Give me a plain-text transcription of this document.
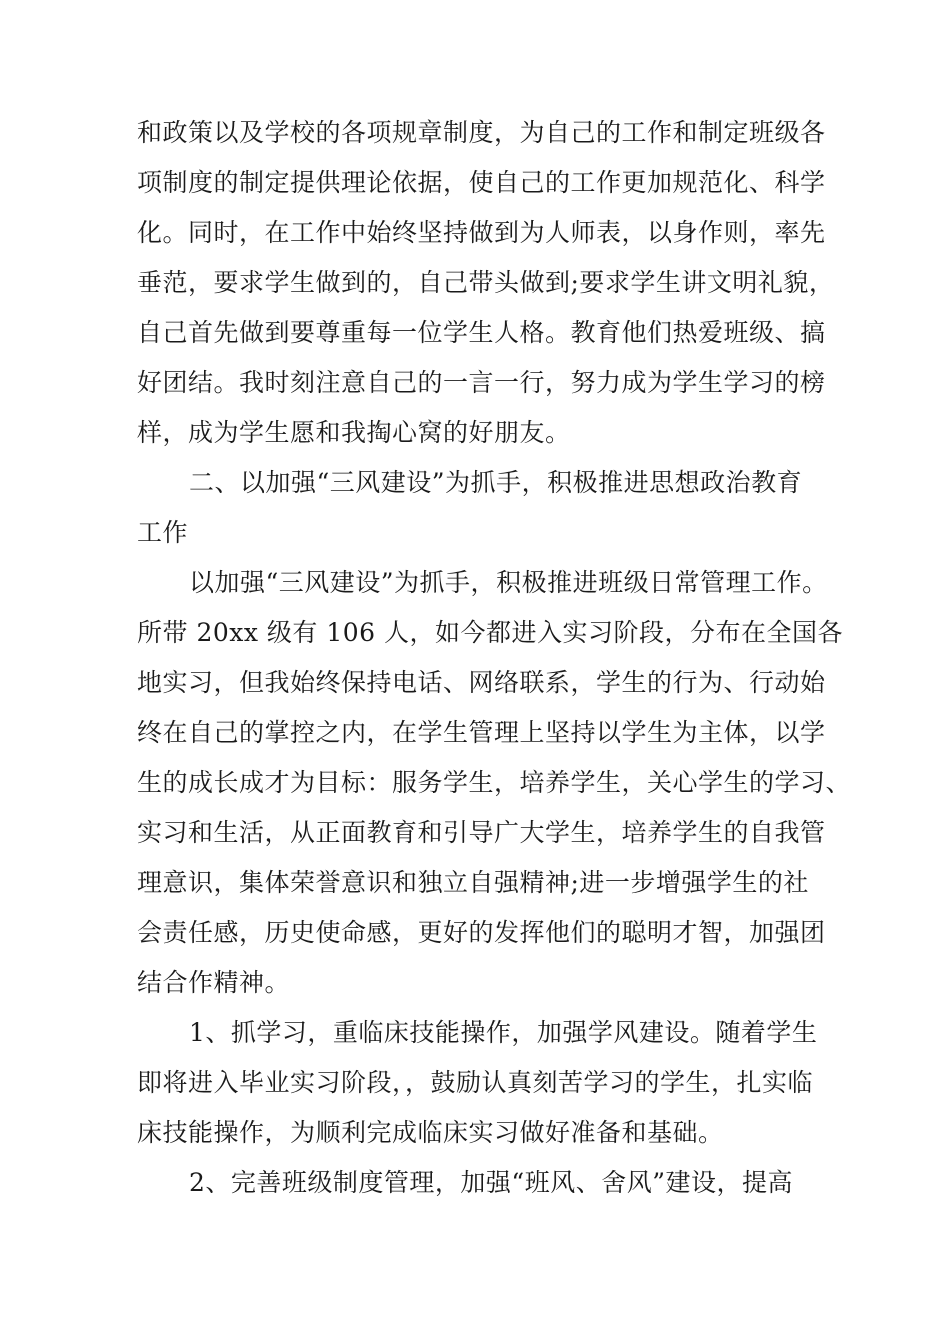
和政策以及学校的各项规章制度，为自己的工作和制定班级各
项制度的制定提供理论依据，使自己的工作更加规范化、科学
化。同时，在工作中始终坚持做到为人师表，以身作则，率先
垂范，要求学生做到的，自己带头做到;要求学生讲文明礼貌，
自己首先做到要尊重每一位学生人格。教育他们热爱班级、搞
好团结。我时刻注意自己的一言一行，努力成为学生学习的榜
样，成为学生愿和我掏心窝的好朋友。
二、以加强“三风建设”为抓手，积极推进思想政治教育
工作
以加强“三风建设”为抓手，积极推进班级日常管理工作。
所带 20xx 级有 106 人，如今都进入实习阶段，分布在全国各
地实习，但我始终保持电话、网络联系，学生的行为、行动始
终在自己的掌控之内，在学生管理上坚持以学生为主体，以学
生的成长成才为目标：服务学生，培养学生，关心学生的学习、
实习和生活，从正面教育和引导广大学生，培养学生的自我管
理意识，集体荣誉意识和独立自强精神;进一步增强学生的社
会责任感，历史使命感，更好的发挥他们的聪明才智，加强团
结合作精神。
1、抓学习，重临床技能操作，加强学风建设。随着学生
即将进入毕业实习阶段，，鼓励认真刻苦学习的学生，扎实临
床技能操作，为顺利完成临床实习做好准备和基础。
2、完善班级制度管理，加强“班风、舍风”建设，提高
